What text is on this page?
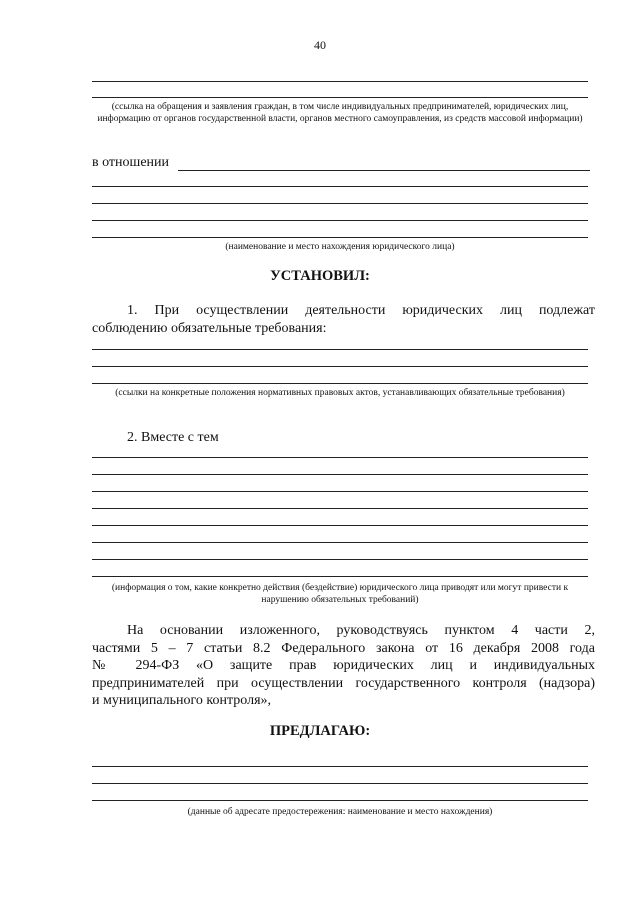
40
(ссылка на обращения и заявления граждан, в том числе индивидуальных предпринимателей, юридических лиц, информацию от органов государственной власти, органов местного самоуправления, из средств массовой информации)
в отношении
(наименование и место нахождения юридического лица)
УСТАНОВИЛ:
1. При осуществлении деятельности юридических лиц подлежат
соблюдению обязательные требования:
(ссылки на конкретные положения нормативных правовых актов, устанавливающих обязательные требования)
2. Вместе с тем
(информация о том, какие конкретно действия (бездействие) юридического лица приводят или могут привести к нарушению обязательных требований)
На основании изложенного, руководствуясь пунктом 4 части 2,
частями 5 – 7 статьи 8.2 Федерального закона от 16 декабря 2008 года
№ 294-ФЗ «О защите прав юридических лиц и индивидуальных
предпринимателей при осуществлении государственного контроля (надзора)
и муниципального контроля»,
ПРЕДЛАГАЮ:
(данные об адресате предостережения: наименование и место нахождения)
